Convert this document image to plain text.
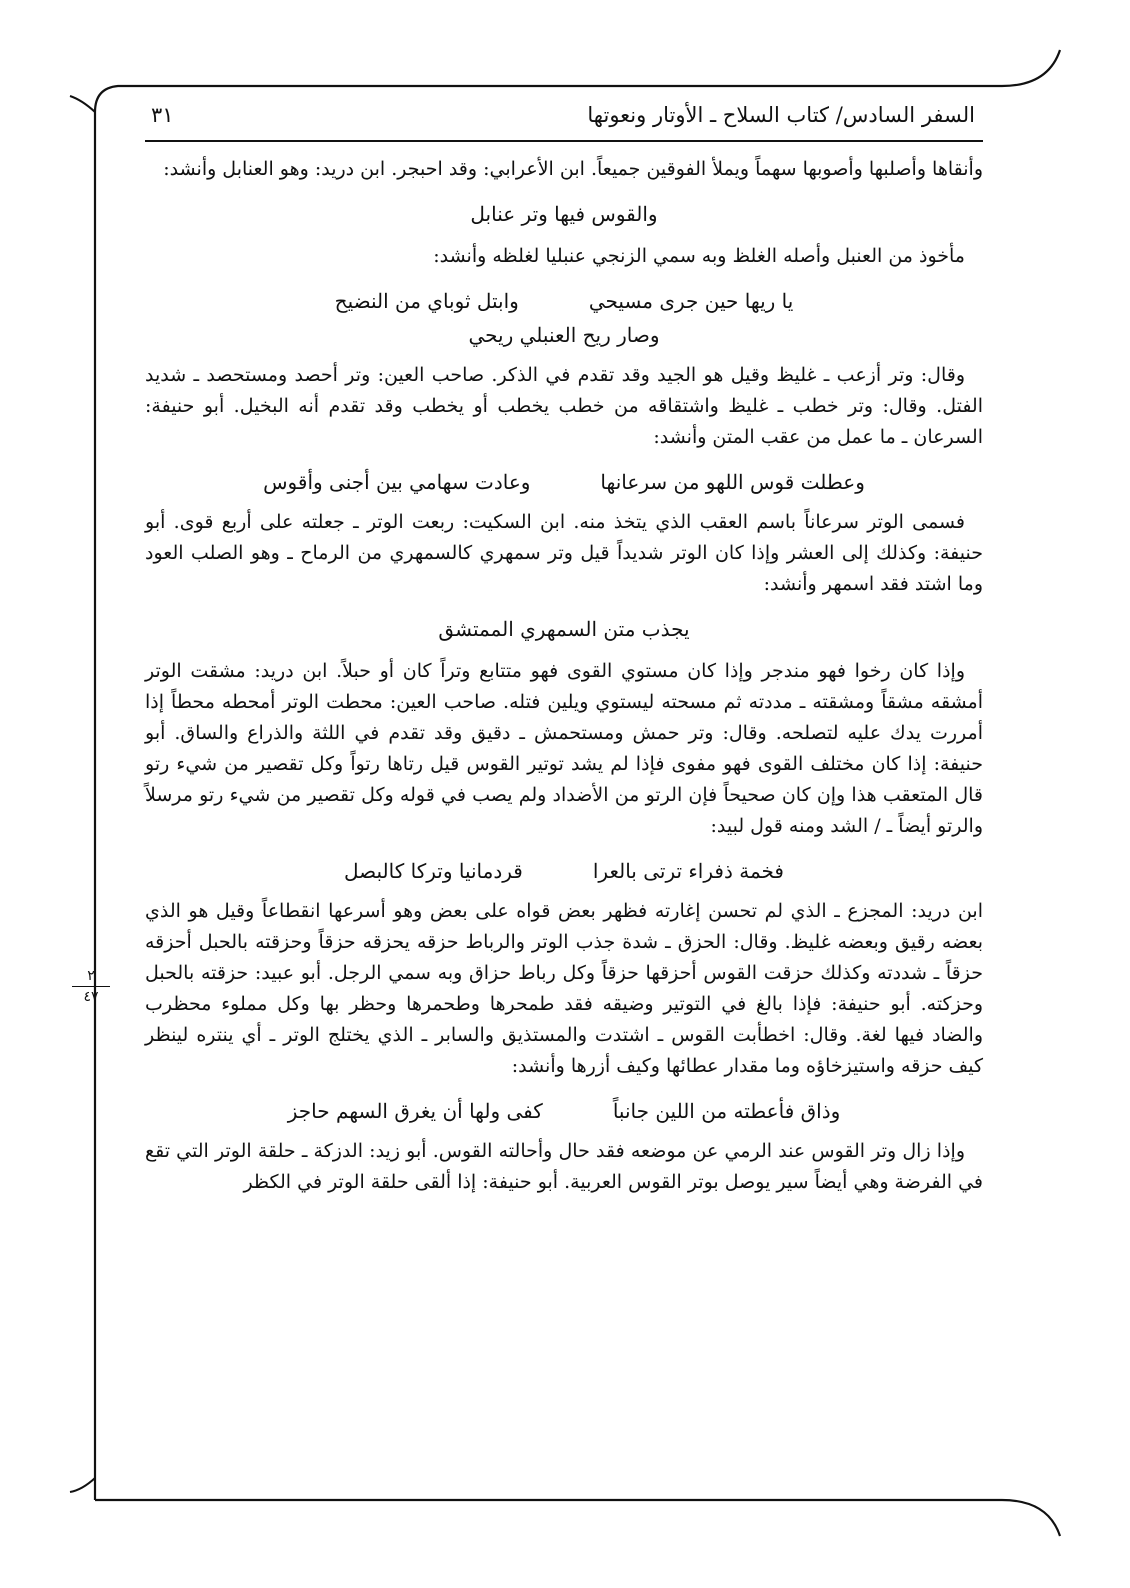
السفر السادس/ كتاب السلاح ـ الأوتار ونعوتها
٣١

وأنقاها وأصلبها وأصوبها سهماً ويملأ الفوقين جميعاً. ابن الأعرابي: وقد احبجر. ابن دريد: وهو العنابل وأنشد:

والقوس فيها وتر عنابل

مأخوذ من العنبل وأصله الغلظ وبه سمي الزنجي عنبليا لغلظه وأنشد:

يا ريها حين جرى مسيحي
وابتل ثوباي من النضيح
وصار ريح العنبلي ريحي

وقال: وتر أزعب ـ غليظ وقيل هو الجيد وقد تقدم في الذكر. صاحب العين: وتر أحصد ومستحصد ـ شديد الفتل. وقال: وتر خطب ـ غليظ واشتقاقه من خطب يخطب أو يخطب وقد تقدم أنه البخيل. أبو حنيفة: السرعان ـ ما عمل من عقب المتن وأنشد:

وعطلت قوس اللهو من سرعانها
وعادت سهامي بين أجنى وأقوس

فسمى الوتر سرعاناً باسم العقب الذي يتخذ منه. ابن السكيت: ربعت الوتر ـ جعلته على أربع قوى. أبو حنيفة: وكذلك إلى العشر وإذا كان الوتر شديداً قيل وتر سمهري كالسمهري من الرماح ـ وهو الصلب العود وما اشتد فقد اسمهر وأنشد:

يجذب متن السمهري الممتشق

وإذا كان رخوا فهو مندجر وإذا كان مستوي القوى فهو متتابع وتراً كان أو حبلاً. ابن دريد: مشقت الوتر أمشقه مشقاً ومشقته ـ مددته ثم مسحته ليستوي ويلين فتله. صاحب العين: محطت الوتر أمحطه محطاً إذا أمررت يدك عليه لتصلحه. وقال: وتر حمش ومستحمش ـ دقيق وقد تقدم في اللثة والذراع والساق. أبو حنيفة: إذا كان مختلف القوى فهو مفوى فإذا لم يشد توتير القوس قيل رتاها رتواً وكل تقصير من شيء رتو قال المتعقب هذا وإن كان صحيحاً فإن الرتو من الأضداد ولم يصب في قوله وكل تقصير من شيء رتو مرسلاً والرتو أيضاً ـ / الشد ومنه قول لبيد:

فخمة ذفراء ترتى بالعرا
قردمانيا وتركا كالبصل

ابن دريد: المجزع ـ الذي لم تحسن إغارته فظهر بعض قواه على بعض وهو أسرعها انقطاعاً وقيل هو الذي بعضه رقيق وبعضه غليظ. وقال: الحزق ـ شدة جذب الوتر والرباط حزقه يحزقه حزقاً وحزقته بالحبل أحزقه حزقاً ـ شددته وكذلك حزقت القوس أحزقها حزقاً وكل رباط حزاق وبه سمي الرجل. أبو عبيد: حزقته بالحبل وحزكته. أبو حنيفة: فإذا بالغ في التوتير وضيقه فقد طمحرها وطحمرها وحظر بها وكل مملوء محظرب والضاد فيها لغة. وقال: اخطأبت القوس ـ اشتدت والمستذيق والسابر ـ الذي يختلج الوتر ـ أي ينتره لينظر كيف حزقه واستيزخاؤه وما مقدار عطائها وكيف أزرها وأنشد:

وذاق فأعطته من اللين جانباً
كفى ولها أن يغرق السهم حاجز

وإذا زال وتر القوس عند الرمي عن موضعه فقد حال وأحالته القوس. أبو زيد: الدزكة ـ حلقة الوتر التي تقع في الفرضة وهي أيضاً سير يوصل بوتر القوس العربية. أبو حنيفة: إذا ألقى حلقة الوتر في الكظر

٢
٤٧
